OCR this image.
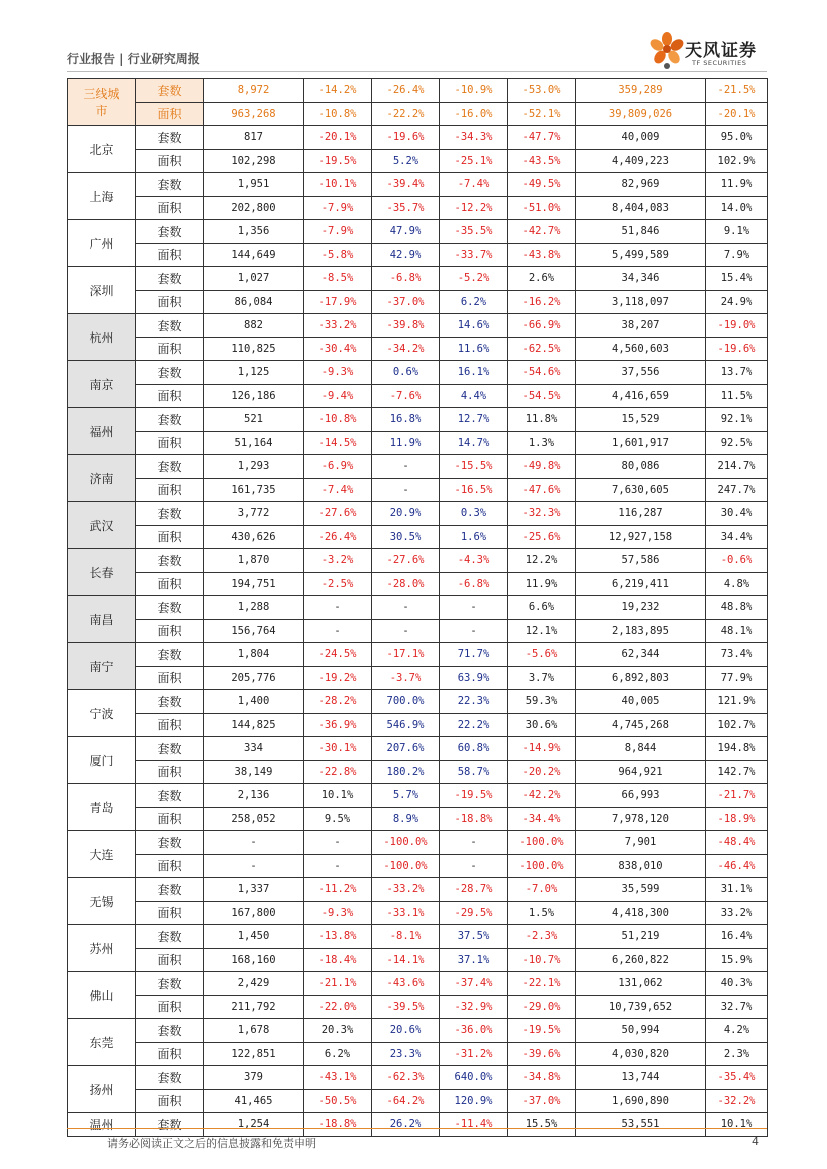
行业报告 | 行业研究周报	天风证券
TF SECURITIES
三线城
市	套数	8,972	-14.2%	-26.4%	-10.9%	-53.0%	359,289	-21.5%
	面积	963,268	-10.8%	-22.2%	-16.0%	-52.1%	39,809,026	-20.1%
北京	套数	817	-20.1%	-19.6%	-34.3%	-47.7%	40,009	95.0%
	面积	102,298	-19.5%	5.2%	-25.1%	-43.5%	4,409,223	102.9%
上海	套数	1,951	-10.1%	-39.4%	-7.4%	-49.5%	82,969	11.9%
	面积	202,800	-7.9%	-35.7%	-12.2%	-51.0%	8,404,083	14.0%
广州	套数	1,356	-7.9%	47.9%	-35.5%	-42.7%	51,846	9.1%
	面积	144,649	-5.8%	42.9%	-33.7%	-43.8%	5,499,589	7.9%
深圳	套数	1,027	-8.5%	-6.8%	-5.2%	2.6%	34,346	15.4%
	面积	86,084	-17.9%	-37.0%	6.2%	-16.2%	3,118,097	24.9%
杭州	套数	882	-33.2%	-39.8%	14.6%	-66.9%	38,207	-19.0%
	面积	110,825	-30.4%	-34.2%	11.6%	-62.5%	4,560,603	-19.6%
南京	套数	1,125	-9.3%	0.6%	16.1%	-54.6%	37,556	13.7%
	面积	126,186	-9.4%	-7.6%	4.4%	-54.5%	4,416,659	11.5%
福州	套数	521	-10.8%	16.8%	12.7%	11.8%	15,529	92.1%
	面积	51,164	-14.5%	11.9%	14.7%	1.3%	1,601,917	92.5%
济南	套数	1,293	-6.9%	-	-15.5%	-49.8%	80,086	214.7%
	面积	161,735	-7.4%	-	-16.5%	-47.6%	7,630,605	247.7%
武汉	套数	3,772	-27.6%	20.9%	0.3%	-32.3%	116,287	30.4%
	面积	430,626	-26.4%	30.5%	1.6%	-25.6%	12,927,158	34.4%
长春	套数	1,870	-3.2%	-27.6%	-4.3%	12.2%	57,586	-0.6%
	面积	194,751	-2.5%	-28.0%	-6.8%	11.9%	6,219,411	4.8%
南昌	套数	1,288	-	-	-	6.6%	19,232	48.8%
	面积	156,764	-	-	-	12.1%	2,183,895	48.1%
南宁	套数	1,804	-24.5%	-17.1%	71.7%	-5.6%	62,344	73.4%
	面积	205,776	-19.2%	-3.7%	63.9%	3.7%	6,892,803	77.9%
宁波	套数	1,400	-28.2%	700.0%	22.3%	59.3%	40,005	121.9%
	面积	144,825	-36.9%	546.9%	22.2%	30.6%	4,745,268	102.7%
厦门	套数	334	-30.1%	207.6%	60.8%	-14.9%	8,844	194.8%
	面积	38,149	-22.8%	180.2%	58.7%	-20.2%	964,921	142.7%
青岛	套数	2,136	10.1%	5.7%	-19.5%	-42.2%	66,993	-21.7%
	面积	258,052	9.5%	8.9%	-18.8%	-34.4%	7,978,120	-18.9%
大连	套数	-	-	-100.0%	-	-100.0%	7,901	-48.4%
	面积	-	-	-100.0%	-	-100.0%	838,010	-46.4%
无锡	套数	1,337	-11.2%	-33.2%	-28.7%	-7.0%	35,599	31.1%
	面积	167,800	-9.3%	-33.1%	-29.5%	1.5%	4,418,300	33.2%
苏州	套数	1,450	-13.8%	-8.1%	37.5%	-2.3%	51,219	16.4%
	面积	168,160	-18.4%	-14.1%	37.1%	-10.7%	6,260,822	15.9%
佛山	套数	2,429	-21.1%	-43.6%	-37.4%	-22.1%	131,062	40.3%
	面积	211,792	-22.0%	-39.5%	-32.9%	-29.0%	10,739,652	32.7%
东莞	套数	1,678	20.3%	20.6%	-36.0%	-19.5%	50,994	4.2%
	面积	122,851	6.2%	23.3%	-31.2%	-39.6%	4,030,820	2.3%
扬州	套数	379	-43.1%	-62.3%	640.0%	-34.8%	13,744	-35.4%
	面积	41,465	-50.5%	-64.2%	120.9%	-37.0%	1,690,890	-32.2%
温州	套数	1,254	-18.8%	26.2%	-11.4%	15.5%	53,551	10.1%
请务必阅读正文之后的信息披露和免责申明	4
